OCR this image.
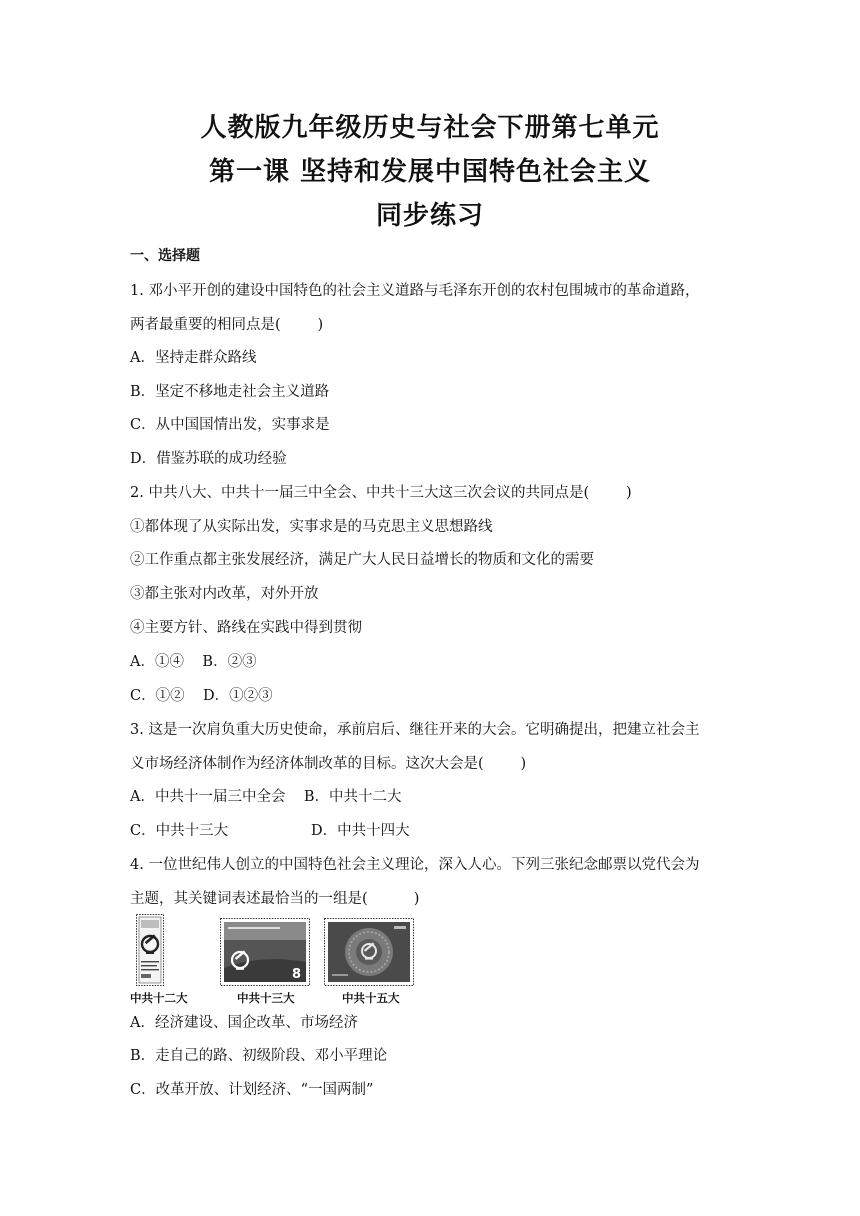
人教版九年级历史与社会下册第七单元
第一课 坚持和发展中国特色社会主义
同步练习
一、选择题
1. 邓小平开创的建设中国特色的社会主义道路与毛泽东开创的农村包围城市的革命道路，
两者最重要的相同点是(        )
A．坚持走群众路线
B．坚定不移地走社会主义道路
C．从中国国情出发，实事求是
D．借鉴苏联的成功经验
2. 中共八大、中共十一届三中全会、中共十三大这三次会议的共同点是(        )
①都体现了从实际出发，实事求是的马克思主义思想路线
②工作重点都主张发展经济，满足广大人民日益增长的物质和文化的需要
③都主张对内改革，对外开放
④主要方针、路线在实践中得到贯彻
A．①④    B．②③
C．①②    D．①②③
3. 这是一次肩负重大历史使命，承前启后、继往开来的大会。它明确提出，把建立社会主
义市场经济体制作为经济体制改革的目标。这次大会是(        )
A．中共十一届三中全会    B．中共十二大
C．中共十三大                  D．中共十四大
4. 一位世纪伟人创立的中国特色社会主义理论，深入人心。下列三张纪念邮票以党代会为
主题，其关键词表述最恰当的一组是(          )
8
中共十二大	中共十三大	中共十五大
A．经济建设、国企改革、市场经济
B．走自己的路、初级阶段、邓小平理论
C．改革开放、计划经济、“一国两制”
